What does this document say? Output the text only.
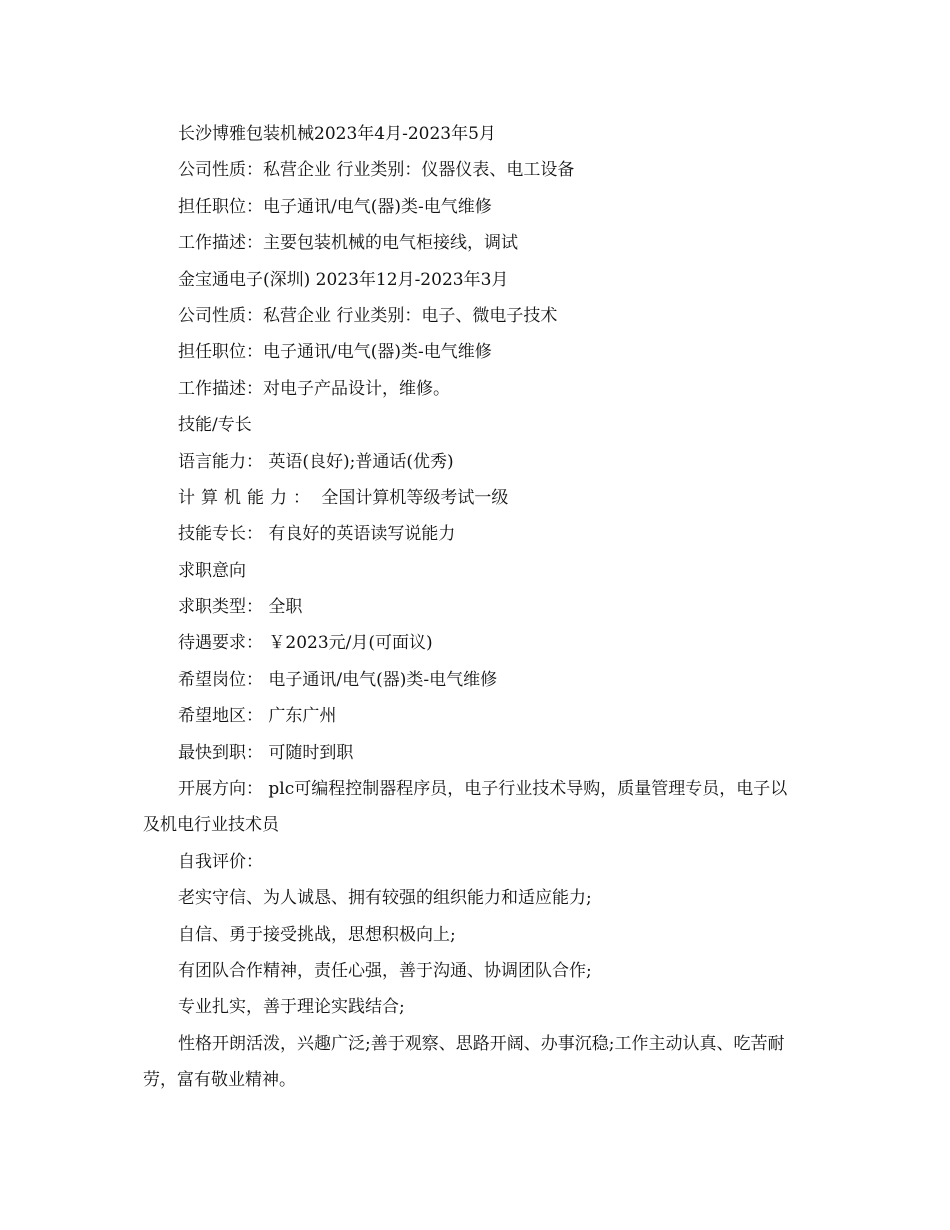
长沙博雅包装机械2023年4月-2023年5月
公司性质：私营企业 行业类别：仪器仪表、电工设备
担任职位：电子通讯/电气(器)类-电气维修
工作描述：主要包装机械的电气柜接线，调试
金宝通电子(深圳) 2023年12月-2023年3月
公司性质：私营企业 行业类别：电子、微电子技术
担任职位：电子通讯/电气(器)类-电气维修
工作描述：对电子产品设计，维修。
技能/专长
语言能力： 英语(良好);普通话(优秀)
计算机能力： 全国计算机等级考试一级
技能专长： 有良好的英语读写说能力
求职意向
求职类型： 全职
待遇要求： ￥2023元/月(可面议)
希望岗位： 电子通讯/电气(器)类-电气维修
希望地区： 广东广州
最快到职： 可随时到职
开展方向： plc可编程控制器程序员，电子行业技术导购，质量管理专员，电子以及机电行业技术员
自我评价：
老实守信、为人诚恳、拥有较强的组织能力和适应能力;
自信、勇于接受挑战，思想积极向上;
有团队合作精神，责任心强，善于沟通、协调团队合作;
专业扎实，善于理论实践结合;
性格开朗活泼，兴趣广泛;善于观察、思路开阔、办事沉稳;工作主动认真、吃苦耐劳，富有敬业精神。
